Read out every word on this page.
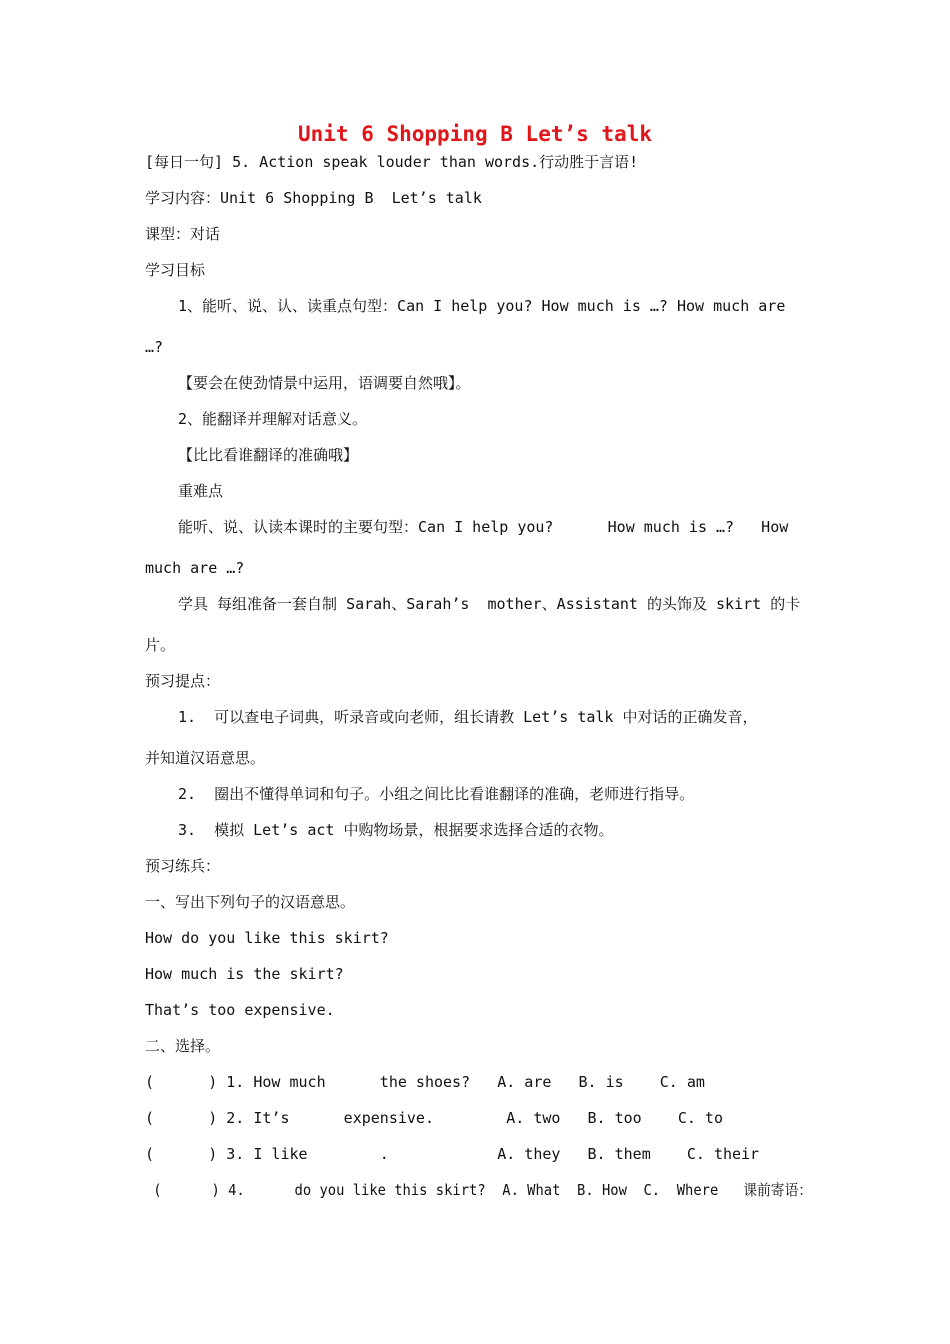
Unit 6 Shopping B Let’s talk
[每日一句] 5. Action speak louder than words.行动胜于言语!
学习内容：Unit 6 Shopping B  Let’s talk
课型：对话
学习目标
1、能听、说、认、读重点句型：Can I help you? How much is …? How much are
…?
【要会在使劲情景中运用，语调要自然哦】。
2、能翻译并理解对话意义。
【比比看谁翻译的准确哦】
重难点
能听、说、认读本课时的主要句型：Can I help you?      How much is …?   How
much are …?
学具 每组准备一套自制 Sarah、Sarah’s  mother、Assistant 的头饰及 skirt 的卡
片。
预习提点：
1.  可以查电子词典，听录音或向老师，组长请教 Let’s talk 中对话的正确发音，
并知道汉语意思。
2.  圈出不懂得单词和句子。小组之间比比看谁翻译的准确，老师进行指导。
3.  模拟 Let’s act 中购物场景，根据要求选择合适的衣物。
预习练兵：
一、写出下列句子的汉语意思。
How do you like this skirt?
How much is the skirt?
That’s too expensive.
二、选择。
(      ) 1. How much      the shoes?   A. are   B. is    C. am
(      ) 2. It’s      expensive.        A. two   B. too    C. to
(      ) 3. I like        .            A. they   B. them    C. their
(      ) 4.      do you like this skirt?  A. What  B. How  C.  Where   课前寄语：
